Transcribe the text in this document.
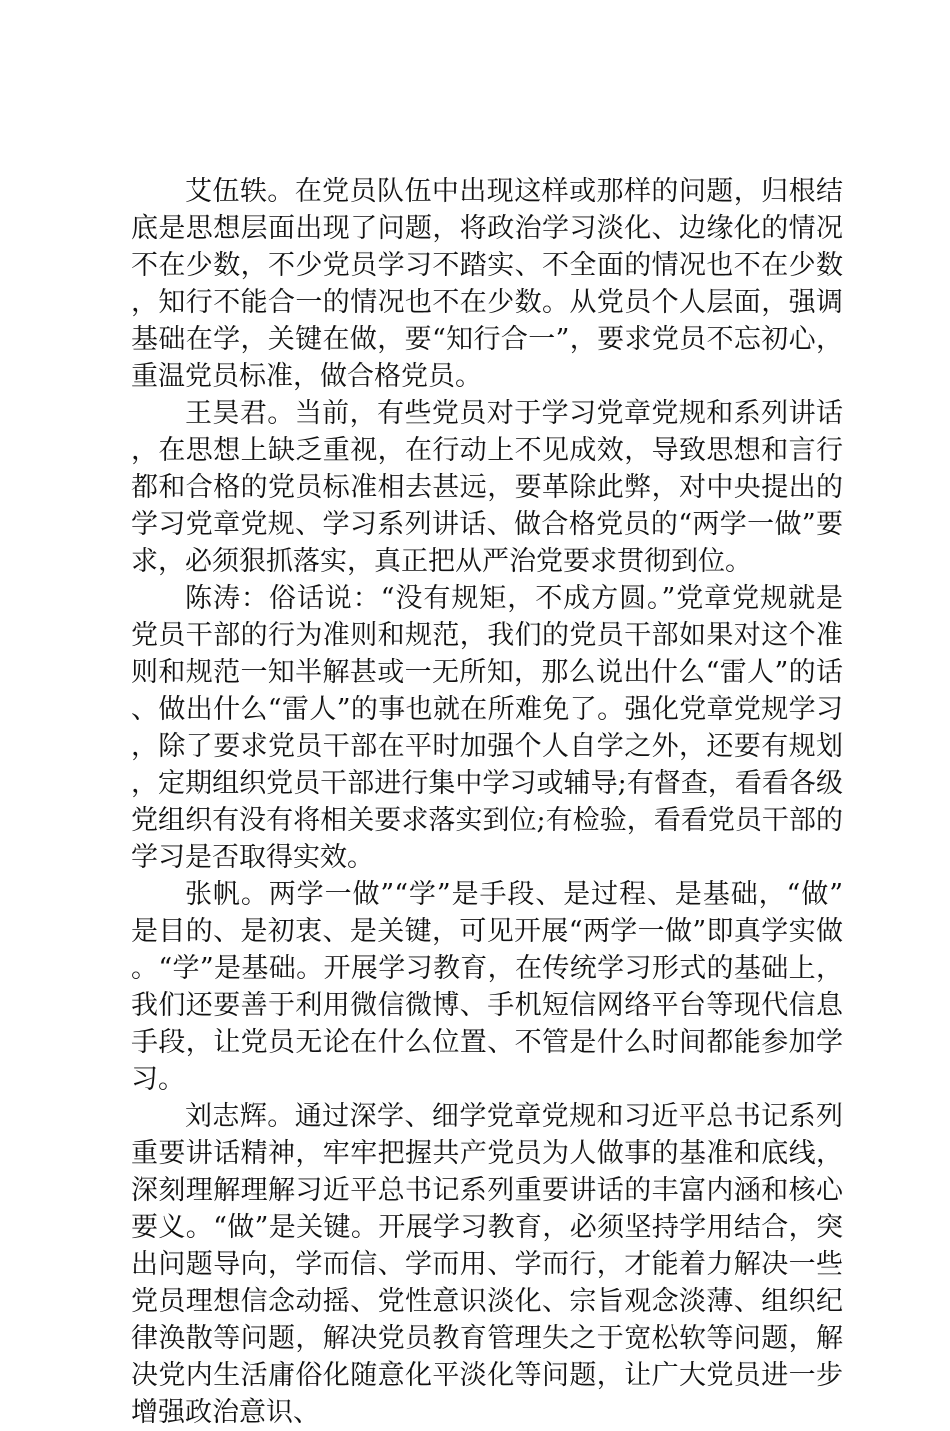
艾伍轶。在党员队伍中出现这样或那样的问题，归根结底是思想层面出现了问题，将政治学习淡化、边缘化的情况不在少数，不少党员学习不踏实、不全面的情况也不在少数，知行不能合一的情况也不在少数。从党员个人层面，强调基础在学，关键在做，要“知行合一”，要求党员不忘初心，重温党员标准，做合格党员。

王昊君。当前，有些党员对于学习党章党规和系列讲话，在思想上缺乏重视，在行动上不见成效，导致思想和言行都和合格的党员标准相去甚远，要革除此弊，对中央提出的学习党章党规、学习系列讲话、做合格党员的“两学一做”要求，必须狠抓落实，真正把从严治党要求贯彻到位。

陈涛：俗话说：“没有规矩，不成方圆。”党章党规就是党员干部的行为准则和规范，我们的党员干部如果对这个准则和规范一知半解甚或一无所知，那么说出什么“雷人”的话、做出什么“雷人”的事也就在所难免了。强化党章党规学习，除了要求党员干部在平时加强个人自学之外，还要有规划，定期组织党员干部进行集中学习或辅导;有督查，看看各级党组织有没有将相关要求落实到位;有检验，看看党员干部的学习是否取得实效。

张帆。两学一做”“学”是手段、是过程、是基础，“做”是目的、是初衷、是关键，可见开展“两学一做”即真学实做。“学”是基础。开展学习教育，在传统学习形式的基础上，我们还要善于利用微信微博、手机短信网络平台等现代信息手段，让党员无论在什么位置、不管是什么时间都能参加学习。

刘志辉。通过深学、细学党章党规和习近平总书记系列重要讲话精神，牢牢把握共产党员为人做事的基准和底线，深刻理解理解习近平总书记系列重要讲话的丰富内涵和核心要义。“做”是关键。开展学习教育，必须坚持学用结合，突出问题导向，学而信、学而用、学而行，才能着力解决一些党员理想信念动摇、党性意识淡化、宗旨观念淡薄、组织纪律涣散等问题，解决党员教育管理失之于宽松软等问题，解决党内生活庸俗化随意化平淡化等问题，让广大党员进一步增强政治意识、
